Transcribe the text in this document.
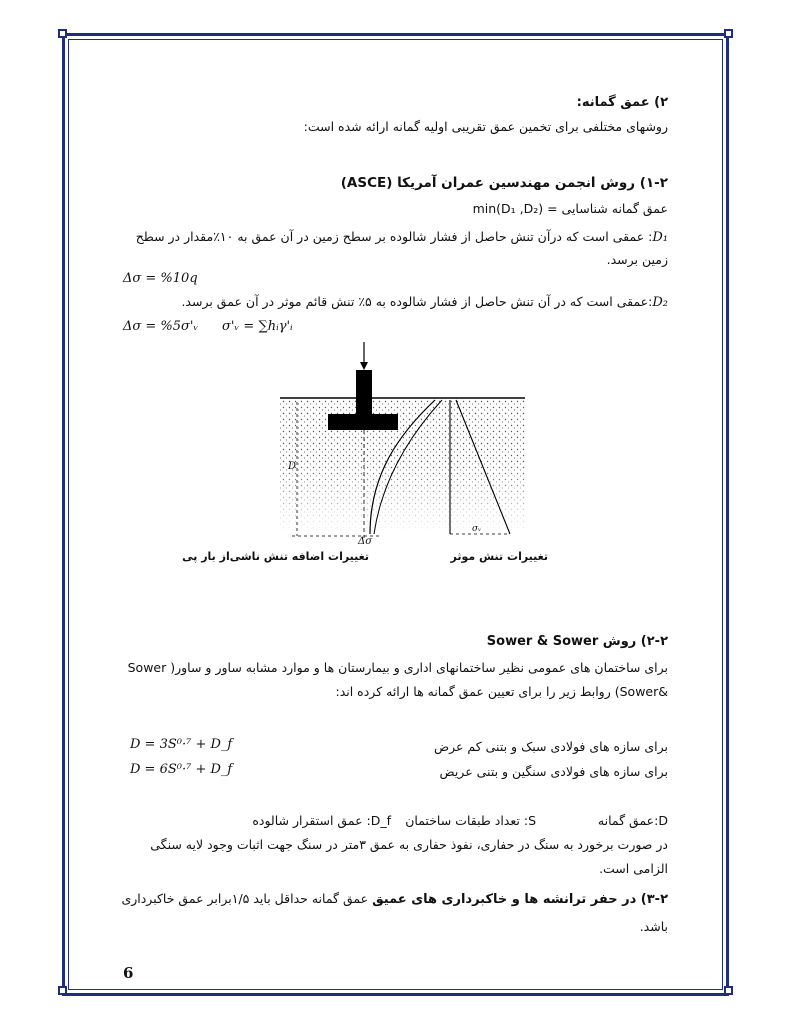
۲) عمق گمانه:
روشهای مختلفی برای تخمین عمق تقریبی اولیه گمانه ارائه شده است:
۱-۲) روش انجمن مهندسین عمران آمریکا (ASCE)
عمق گمانه شناسایی = min(D₁ ,D₂)
D₁: عمقی است که درآن تنش حاصل از فشار شالوده بر سطح زمین در آن عمق به ۱۰٪مقدار در سطح
زمین برسد.
Δσ = %10q
D₂:عمقی است که در آن تنش حاصل از فشار شالوده به ۵٪ تنش قائم موثر در آن عمق برسد.
Δσ = %5σ'ᵥ σ'ᵥ = ∑hᵢγ'ᵢ
D
Δσ
σᵥ
تغییرات اضافه تنش ناشی‌از بار پی	تغییرات تنش موثر
۲-۲) روش Sower & Sower
برای ساختمان های عمومی نظیر ساختمانهای اداری و بیمارستان ها و موارد مشابه ساور و ساور( Sower
&Sower) روابط زیر را برای تعیین عمق گمانه ها ارائه کرده اند:
برای سازه های فولادی سبک و بتنی کم عرض
D = 3S⁰·⁷ + D_f
برای سازه های فولادی سنگین و بتنی عریض
D = 6S⁰·⁷ + D_f
D:عمق گمانه
S: تعداد طبقات ساختمان
D_f: عمق استقرار شالوده
در صورت برخورد به سنگ در حفاری، نفوذ حفاری به عمق ۳متر در سنگ جهت اثبات وجود لایه سنگی
الزامی است.
۳-۲) در حفر ترانشه ها و خاکبرداری های عمیق عمق گمانه حداقل باید ۱/۵برابر عمق خاکبرداری
باشد.
6
